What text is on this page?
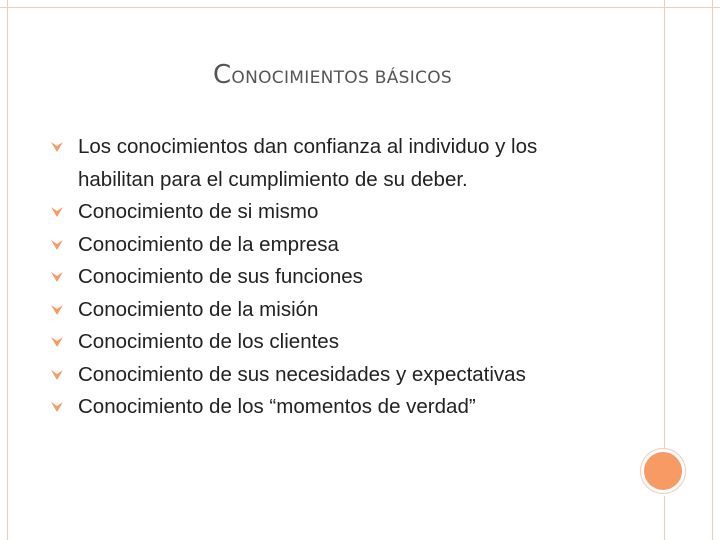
CONOCIMIENTOS BÁSICOS
Los conocimientos dan confianza al individuo y los
habilitan para el cumplimiento de su deber.
Conocimiento de si mismo
Conocimiento de la empresa
Conocimiento de sus funciones
Conocimiento de la misión
Conocimiento de los clientes
Conocimiento de sus necesidades y expectativas
Conocimiento de los “momentos de verdad”
